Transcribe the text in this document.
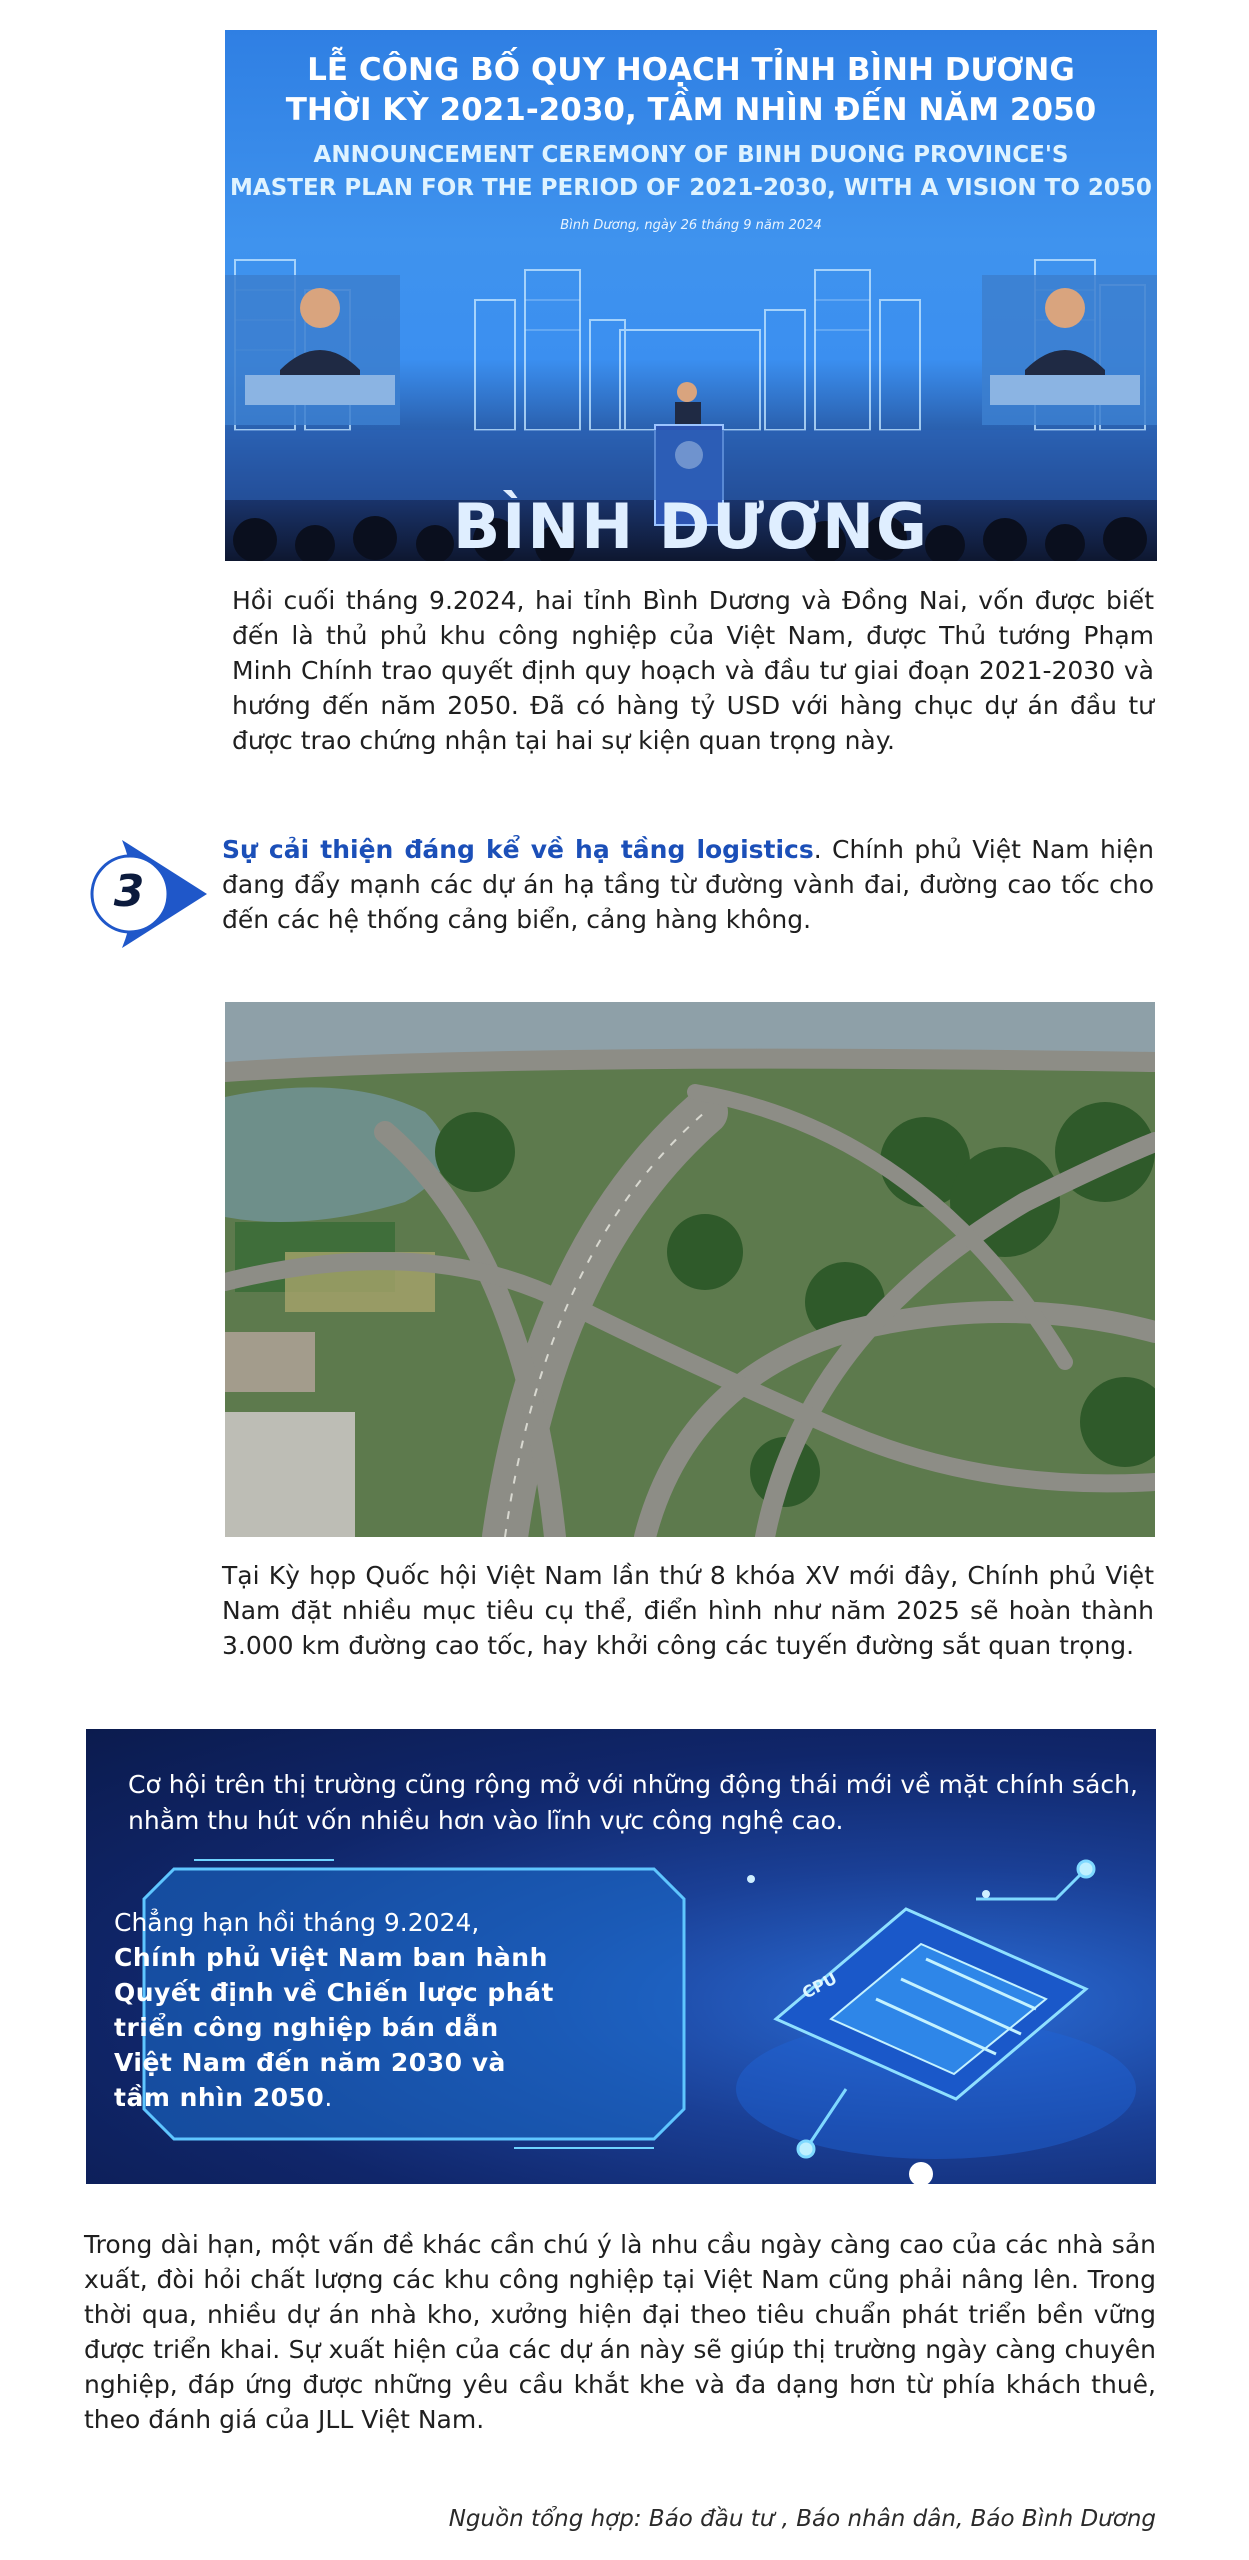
LỄ CÔNG BỐ QUY HOẠCH TỈNH BÌNH DƯƠNG
THỜI KỲ 2021-2030, TẦM NHÌN ĐẾN NĂM 2050
ANNOUNCEMENT CEREMONY OF BINH DUONG PROVINCE'S
MASTER PLAN FOR THE PERIOD OF 2021-2030, WITH A VISION TO 2050
Bình Dương, ngày 26 tháng 9 năm 2024
BÌNH DƯƠNG
Hồi cuối tháng 9.2024, hai tỉnh Bình Dương và Đồng Nai, vốn được biết đến là thủ phủ khu công nghiệp của Việt Nam, được Thủ tướng Phạm Minh Chính trao quyết định quy hoạch và đầu tư giai đoạn 2021-2030 và hướng đến năm 2050. Đã có hàng tỷ USD với hàng chục dự án đầu tư được trao chứng nhận tại hai sự kiện quan trọng này.
3
Sự cải thiện đáng kể về hạ tầng logistics. Chính phủ Việt Nam hiện đang đẩy mạnh các dự án hạ tầng từ đường vành đai, đường cao tốc cho đến các hệ thống cảng biển, cảng hàng không.
Tại Kỳ họp Quốc hội Việt Nam lần thứ 8 khóa XV mới đây, Chính phủ Việt Nam đặt nhiều mục tiêu cụ thể, điển hình như năm 2025 sẽ hoàn thành 3.000 km đường cao tốc, hay khởi công các tuyến đường sắt quan trọng.
Cơ hội trên thị trường cũng rộng mở với những động thái mới về mặt chính sách, nhằm thu hút vốn nhiều hơn vào lĩnh vực công nghệ cao.
CPU
Chẳng hạn hồi tháng 9.2024, Chính phủ Việt Nam ban hành Quyết định về Chiến lược phát triển công nghiệp bán dẫn Việt Nam đến năm 2030 và tầm nhìn 2050.
Trong dài hạn, một vấn đề khác cần chú ý là nhu cầu ngày càng cao của các nhà sản xuất, đòi hỏi chất lượng các khu công nghiệp tại Việt Nam cũng phải nâng lên. Trong thời qua, nhiều dự án nhà kho, xưởng hiện đại theo tiêu chuẩn phát triển bền vững được triển khai. Sự xuất hiện của các dự án này sẽ giúp thị trường ngày càng chuyên nghiệp, đáp ứng được những yêu cầu khắt khe và đa dạng hơn từ phía khách thuê, theo đánh giá của JLL Việt Nam.
Nguồn tổng hợp: Báo đầu tư , Báo nhân dân, Báo Bình Dương
